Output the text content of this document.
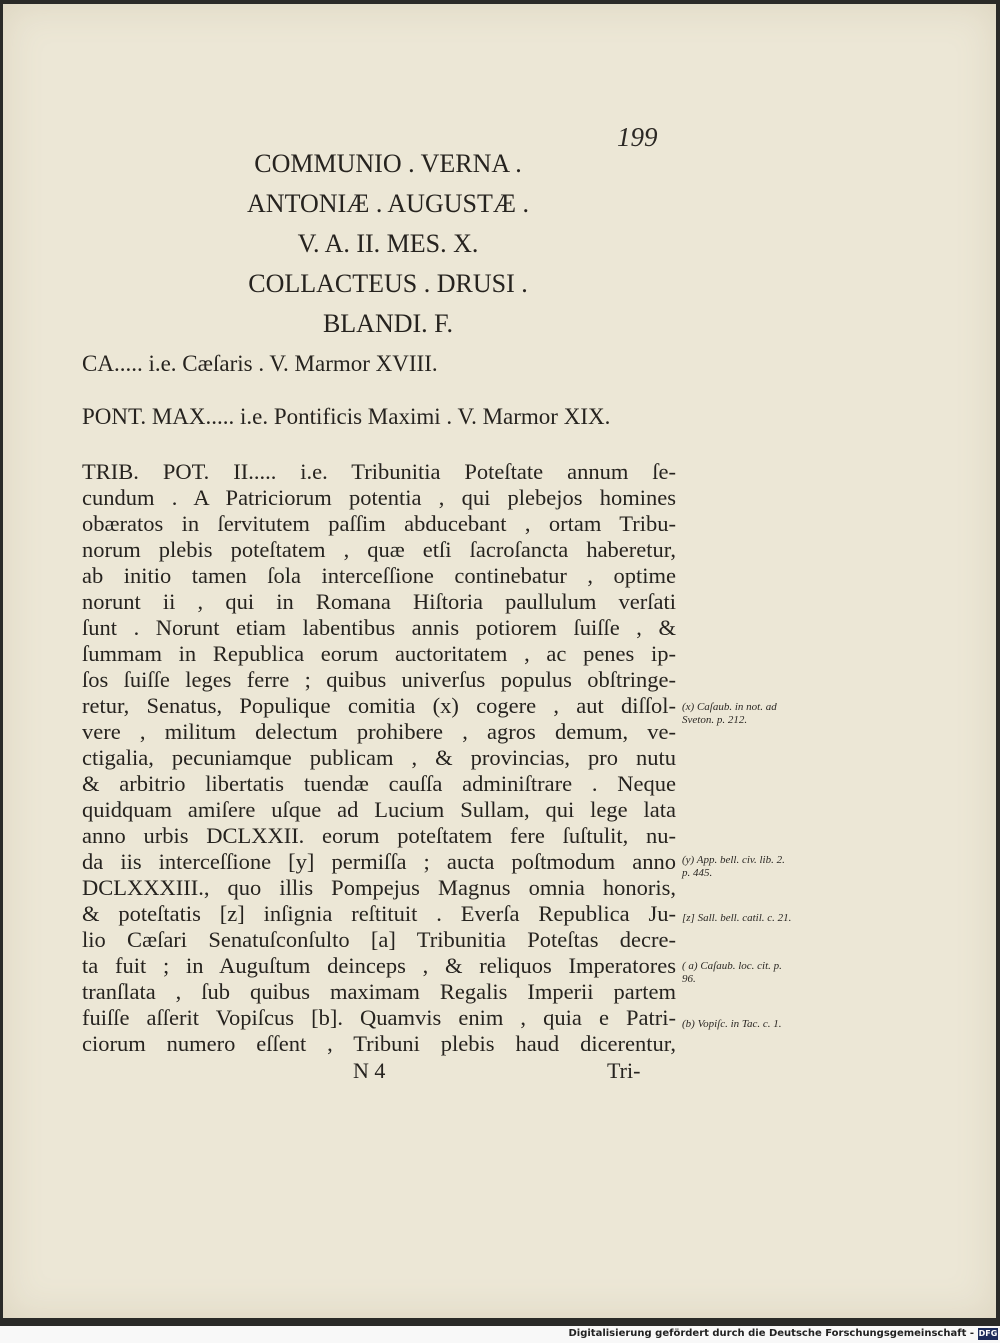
199
COMMUNIO . VERNA .
ANTONIÆ . AUGUSTÆ .
V. A. II. MES. X.
COLLACTEUS . DRUSI .
BLANDI. F.
CA..... i.e. Cæſaris . V. Marmor XVIII.
PONT. MAX..... i.e. Pontificis Maximi . V. Marmor XIX.
TRIB. POT. II..... i.e. Tribunitia Poteſtate annum ſe-
cundum . A Patriciorum potentia , qui plebejos homines
obæratos in ſervitutem paſſim abducebant , ortam Tribu-
norum plebis poteſtatem , quæ etſi ſacroſancta haberetur,
ab initio tamen ſola interceſſione continebatur , optime
norunt ii , qui in Romana Hiſtoria paullulum verſati
ſunt . Norunt etiam labentibus annis potiorem ſuiſſe , &
ſummam in Republica eorum auctoritatem , ac penes ip-
ſos ſuiſſe leges ferre ; quibus univerſus populus obſtringe-
retur, Senatus, Populique comitia (x) cogere , aut diſſol-
vere , militum delectum prohibere , agros demum, ve-
ctigalia, pecuniamque publicam , & provincias, pro nutu
& arbitrio libertatis tuendæ cauſſa adminiſtrare . Neque
quidquam amiſere uſque ad Lucium Sullam, qui lege lata
anno urbis DCLXXII. eorum poteſtatem fere ſuſtulit, nu-
da iis interceſſione [y] permiſſa ; aucta poſtmodum anno
DCLXXXIII., quo illis Pompejus Magnus omnia honoris,
& poteſtatis [z] inſignia reſtituit . Everſa Republica Ju-
lio Cæſari Senatuſconſulto [a] Tribunitia Poteſtas decre-
ta fuit ; in Auguſtum deinceps , & reliquos Imperatores
tranſlata , ſub quibus maximam Regalis Imperii partem
fuiſſe aſſerit Vopiſcus [b]. Quamvis enim , quia e Patri-
ciorum numero eſſent , Tribuni plebis haud dicerentur,
(x) Caſaub. in not. ad Sveton. p. 212.
(y) App. bell. civ. lib. 2. p. 445.
[z] Sall. bell. catil. c. 21.
( a) Caſaub. loc. cit. p. 96.
(b) Vopiſc. in Tac. c. 1.
N 4	Tri-
Digitalisierung gefördert durch die Deutsche Forschungsgemeinschaft - DFG
